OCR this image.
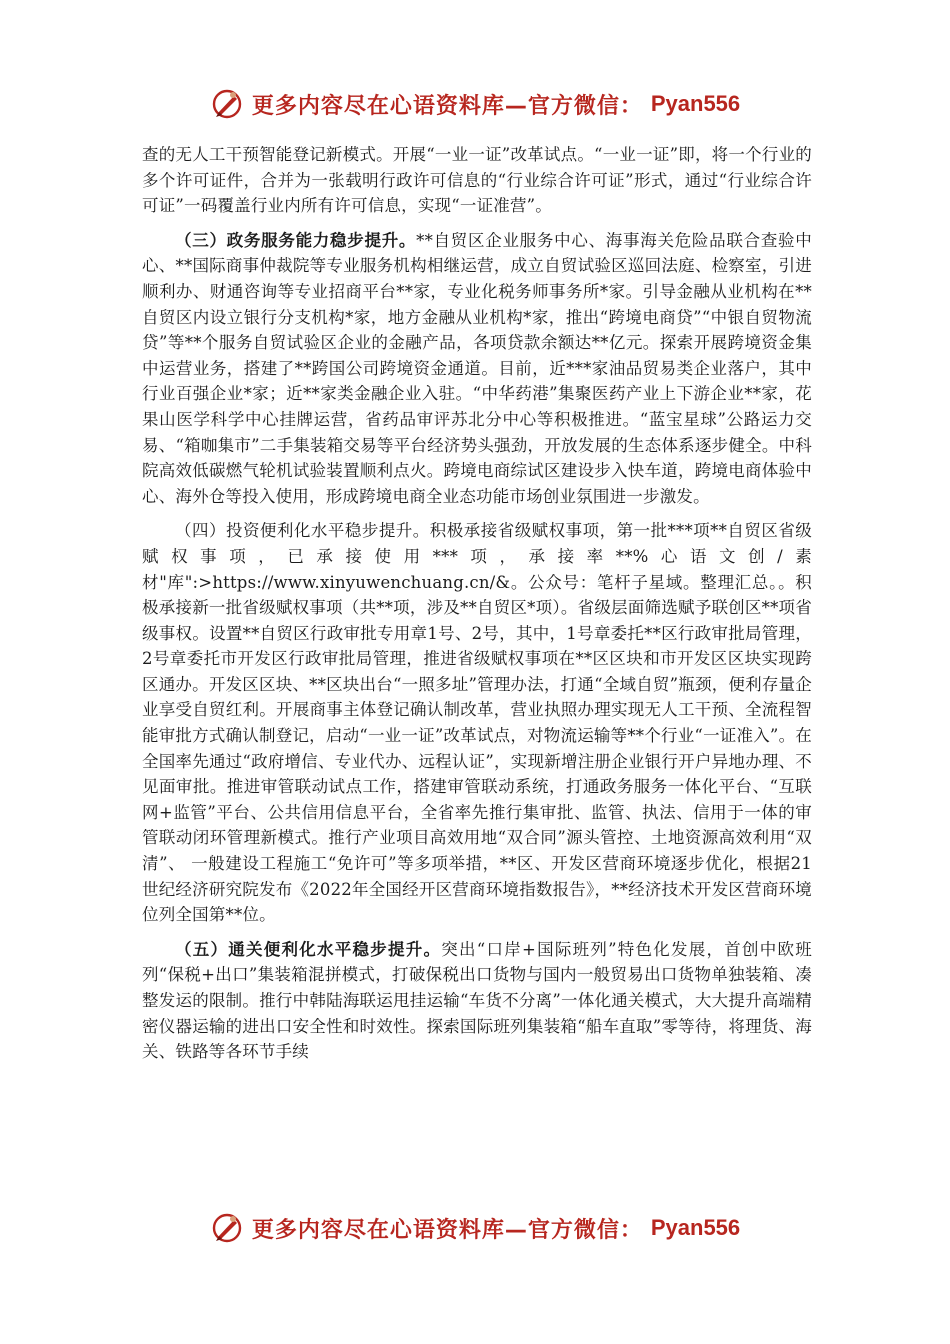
更多内容尽在心语资料库—官方微信： Pyan556

查的无人工干预智能登记新模式。开展“一业一证”改革试点。“一业一证”即，将一个行业的多个许可证件，合并为一张载明行政许可信息的“行业综合许可证”形式，通过“行业综合许可证”一码覆盖行业内所有许可信息，实现“一证准营”。

（三）政务服务能力稳步提升。**自贸区企业服务中心、海事海关危险品联合查验中心、**国际商事仲裁院等专业服务机构相继运营，成立自贸试验区巡回法庭、检察室，引进顺利办、财通咨询等专业招商平台**家，专业化税务师事务所*家。引导金融从业机构在**自贸区内设立银行分支机构*家，地方金融从业机构*家，推出“跨境电商贷”“中银自贸物流贷”等**个服务自贸试验区企业的金融产品，各项贷款余额达**亿元。探索开展跨境资金集中运营业务，搭建了**跨国公司跨境资金通道。目前，近***家油品贸易类企业落户，其中行业百强企业*家；近**家类金融企业入驻。“中华药港”集聚医药产业上下游企业**家，花果山医学科学中心挂牌运营，省药品审评苏北分中心等积极推进。“蓝宝星球”公路运力交易、“箱咖集市”二手集装箱交易等平台经济势头强劲，开放发展的生态体系逐步健全。中科院高效低碳燃气轮机试验装置顺利点火。跨境电商综试区建设步入快车道，跨境电商体验中心、海外仓等投入使用，形成跨境电商全业态功能市场创业氛围进一步激发。

（四）投资便利化水平稳步提升。积极承接省级赋权事项，第一批***项**自贸区省级赋权事项，已承接使用***项，承接率**%心语文创/素材"库":>https://www.xinyuwenchuang.cn/&。公众号：笔杆子星域。整理汇总。。积极承接新一批省级赋权事项（共**项，涉及**自贸区*项）。省级层面筛选赋予联创区**项省级事权。设置**自贸区行政审批专用章1号、2号，其中，1号章委托**区行政审批局管理，2号章委托市开发区行政审批局管理，推进省级赋权事项在**区区块和市开发区区块实现跨区通办。开发区区块、**区块出台“一照多址”管理办法，打通“全域自贸”瓶颈，便利存量企业享受自贸红利。开展商事主体登记确认制改革，营业执照办理实现无人工干预、全流程智能审批方式确认制登记，启动“一业一证”改革试点，对物流运输等**个行业“一证准入”。在全国率先通过“政府增信、专业代办、远程认证”，实现新增注册企业银行开户异地办理、不见面审批。推进审管联动试点工作，搭建审管联动系统，打通政务服务一体化平台、“互联网+监管”平台、公共信用信息平台，全省率先推行集审批、监管、执法、信用于一体的审管联动闭环管理新模式。推行产业项目高效用地“双合同”源头管控、土地资源高效利用“双清”、 一般建设工程施工“免许可”等多项举措，**区、开发区营商环境逐步优化，根据21世纪经济研究院发布《2022年全国经开区营商环境指数报告》，**经济技术开发区营商环境位列全国第**位。

（五）通关便利化水平稳步提升。突出“口岸+国际班列”特色化发展，首创中欧班列“保税+出口”集装箱混拼模式，打破保税出口货物与国内一般贸易出口货物单独装箱、凑整发运的限制。推行中韩陆海联运甩挂运输“车货不分离”一体化通关模式，大大提升高端精密仪器运输的进出口安全性和时效性。探索国际班列集装箱“船车直取”零等待，将理货、海关、铁路等各环节手续

更多内容尽在心语资料库—官方微信： Pyan556
